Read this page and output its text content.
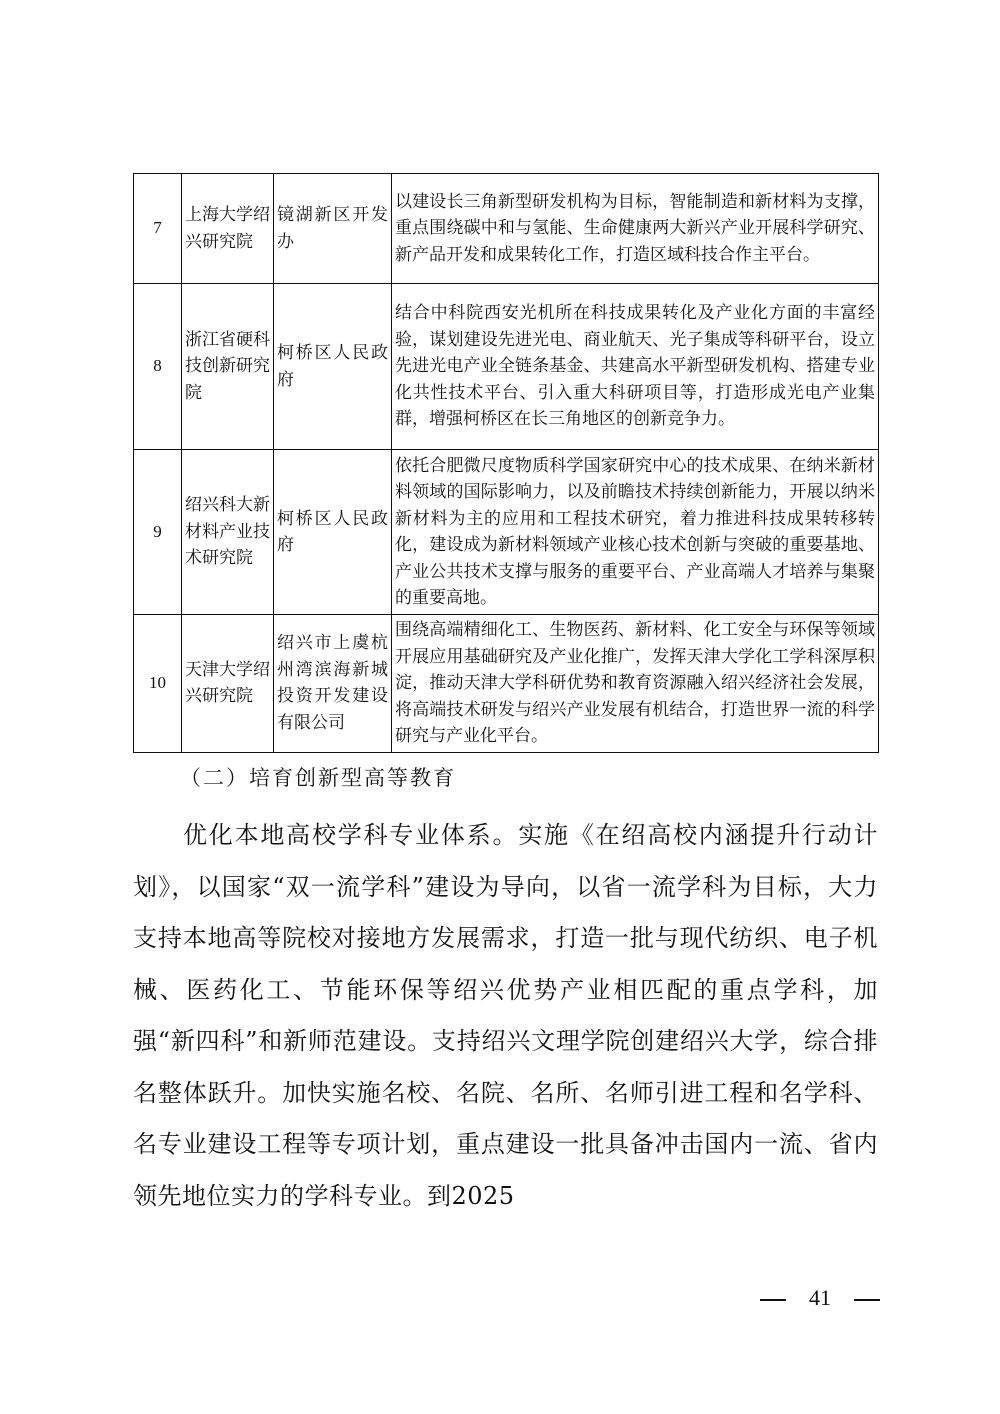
7	上海大学绍兴研究院	镜湖新区开发办	以建设长三角新型研发机构为目标，智能制造和新材料为支撑，重点围绕碳中和与氢能、生命健康两大新兴产业开展科学研究、新产品开发和成果转化工作，打造区域科技合作主平台。
8	浙江省硬科技创新研究院	柯桥区人民政府	结合中科院西安光机所在科技成果转化及产业化方面的丰富经验，谋划建设先进光电、商业航天、光子集成等科研平台，设立先进光电产业全链条基金、共建高水平新型研发机构、搭建专业化共性技术平台、引入重大科研项目等，打造形成光电产业集群，增强柯桥区在长三角地区的创新竞争力。
9	绍兴科大新材料产业技术研究院	柯桥区人民政府	依托合肥微尺度物质科学国家研究中心的技术成果、在纳米新材料领域的国际影响力，以及前瞻技术持续创新能力，开展以纳米新材料为主的应用和工程技术研究，着力推进科技成果转移转化，建设成为新材料领域产业核心技术创新与突破的重要基地、产业公共技术支撑与服务的重要平台、产业高端人才培养与集聚的重要高地。
10	天津大学绍兴研究院	绍兴市上虞杭州湾滨海新城投资开发建设有限公司	围绕高端精细化工、生物医药、新材料、化工安全与环保等领域开展应用基础研究及产业化推广，发挥天津大学化工学科深厚积淀，推动天津大学科研优势和教育资源融入绍兴经济社会发展，将高端技术研发与绍兴产业发展有机结合，打造世界一流的科学研究与产业化平台。
（二）培育创新型高等教育

优化本地高校学科专业体系。实施《在绍高校内涵提升行动计划》，以国家“双一流学科”建设为导向，以省一流学科为目标，大力支持本地高等院校对接地方发展需求，打造一批与现代纺织、电子机械、医药化工、节能环保等绍兴优势产业相匹配的重点学科，加强“新四科”和新师范建设。支持绍兴文理学院创建绍兴大学，综合排名整体跃升。加快实施名校、名院、名所、名师引进工程和名学科、名专业建设工程等专项计划，重点建设一批具备冲击国内一流、省内领先地位实力的学科专业。到2025

41
